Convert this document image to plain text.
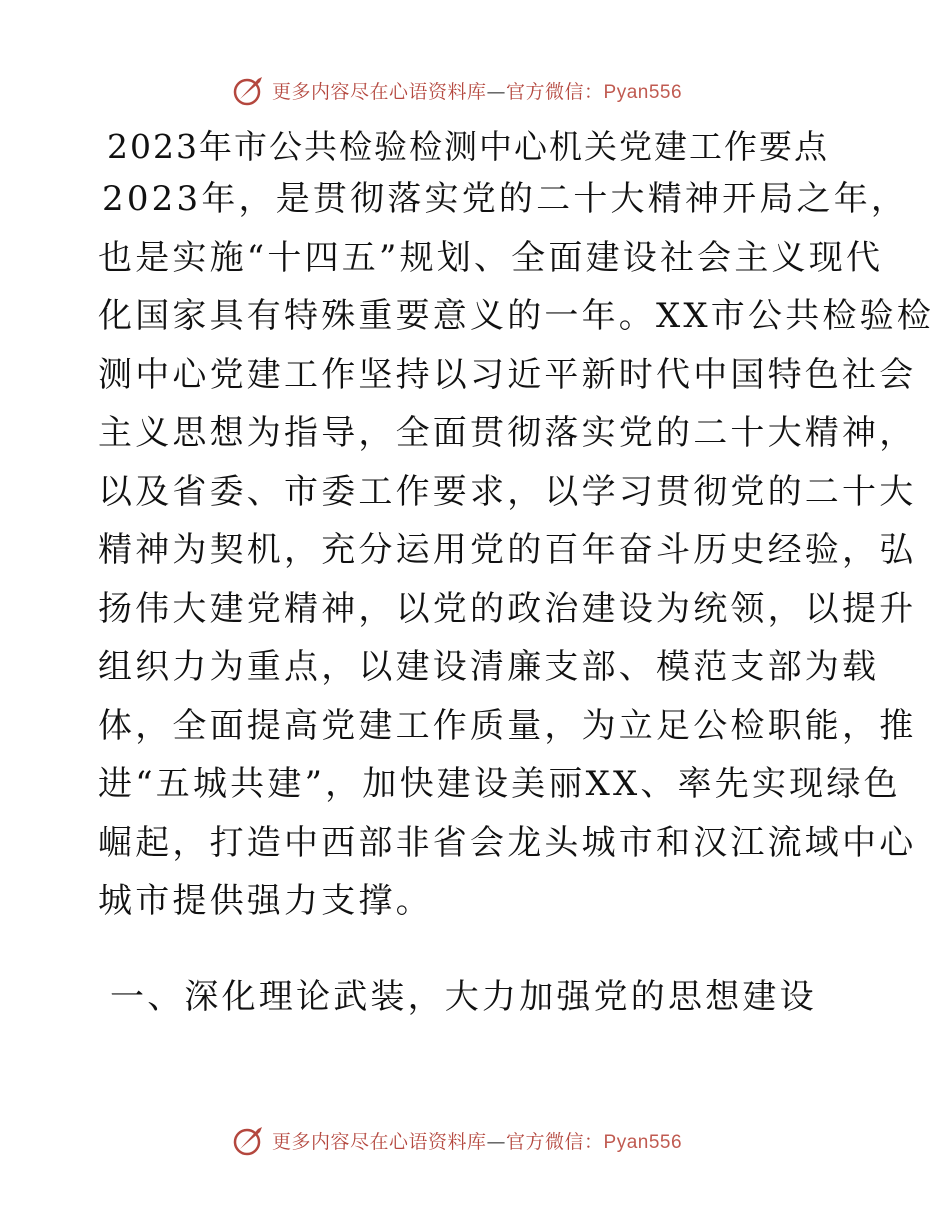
更多内容尽在心语资料库—官方微信：Pyan556
2023年市公共检验检测中心机关党建工作要点
2023年，是贯彻落实党的二十大精神开局之年，
也是实施“十四五”规划、全面建设社会主义现代
化国家具有特殊重要意义的一年。XX市公共检验检
测中心党建工作坚持以习近平新时代中国特色社会
主义思想为指导，全面贯彻落实党的二十大精神，
以及省委、市委工作要求，以学习贯彻党的二十大
精神为契机，充分运用党的百年奋斗历史经验，弘
扬伟大建党精神，以党的政治建设为统领，以提升
组织力为重点，以建设清廉支部、模范支部为载
体，全面提高党建工作质量，为立足公检职能，推
进“五城共建”，加快建设美丽XX、率先实现绿色
崛起，打造中西部非省会龙头城市和汉江流域中心
城市提供强力支撑。
一、深化理论武装，大力加强党的思想建设
更多内容尽在心语资料库—官方微信：Pyan556
